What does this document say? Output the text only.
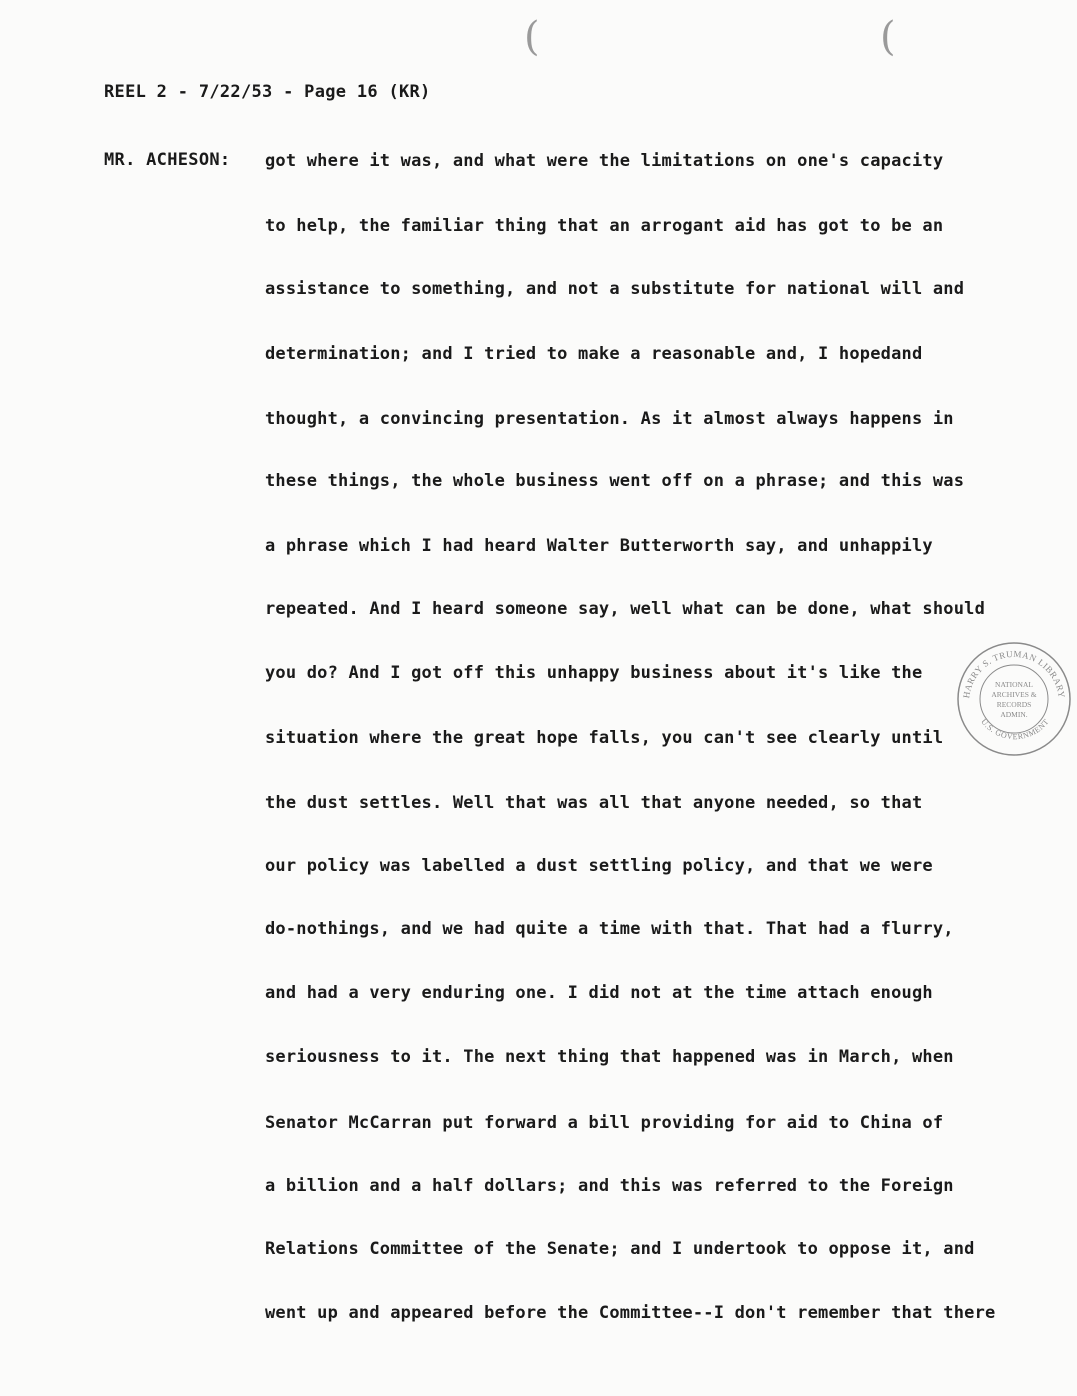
(	(
REEL 2 - 7/22/53 - Page 16 (KR)
MR. ACHESON: got where it was, and what were the limitations on one's capacity
to help, the familiar thing that an arrogant aid has got to be an
assistance to something, and not a substitute for national will and
determination; and I tried to make a reasonable and, I hopedand
thought, a convincing presentation. As it almost always happens in
these things, the whole business went off on a phrase; and this was
a phrase which I had heard Walter Butterworth say, and unhappily
repeated. And I heard someone say, well what can be done, what should
you do? And I got off this unhappy business about it's like the
situation where the great hope falls, you can't see clearly until
the dust settles. Well that was all that anyone needed, so that
our policy was labelled a dust settling policy, and that we were
do-nothings, and we had quite a time with that. That had a flurry,
and had a very enduring one. I did not at the time attach enough
seriousness to it. The next thing that happened was in March, when
Senator McCarran put forward a bill providing for aid to China of
a billion and a half dollars; and this was referred to the Foreign
Relations Committee of the Senate; and I undertook to oppose it, and
went up and appeared before the Committee--I don't remember that there
HARRY S. TRUMAN LIBRARY
U.S. GOVERNMENT
NATIONAL
ARCHIVES &
RECORDS
ADMIN.
